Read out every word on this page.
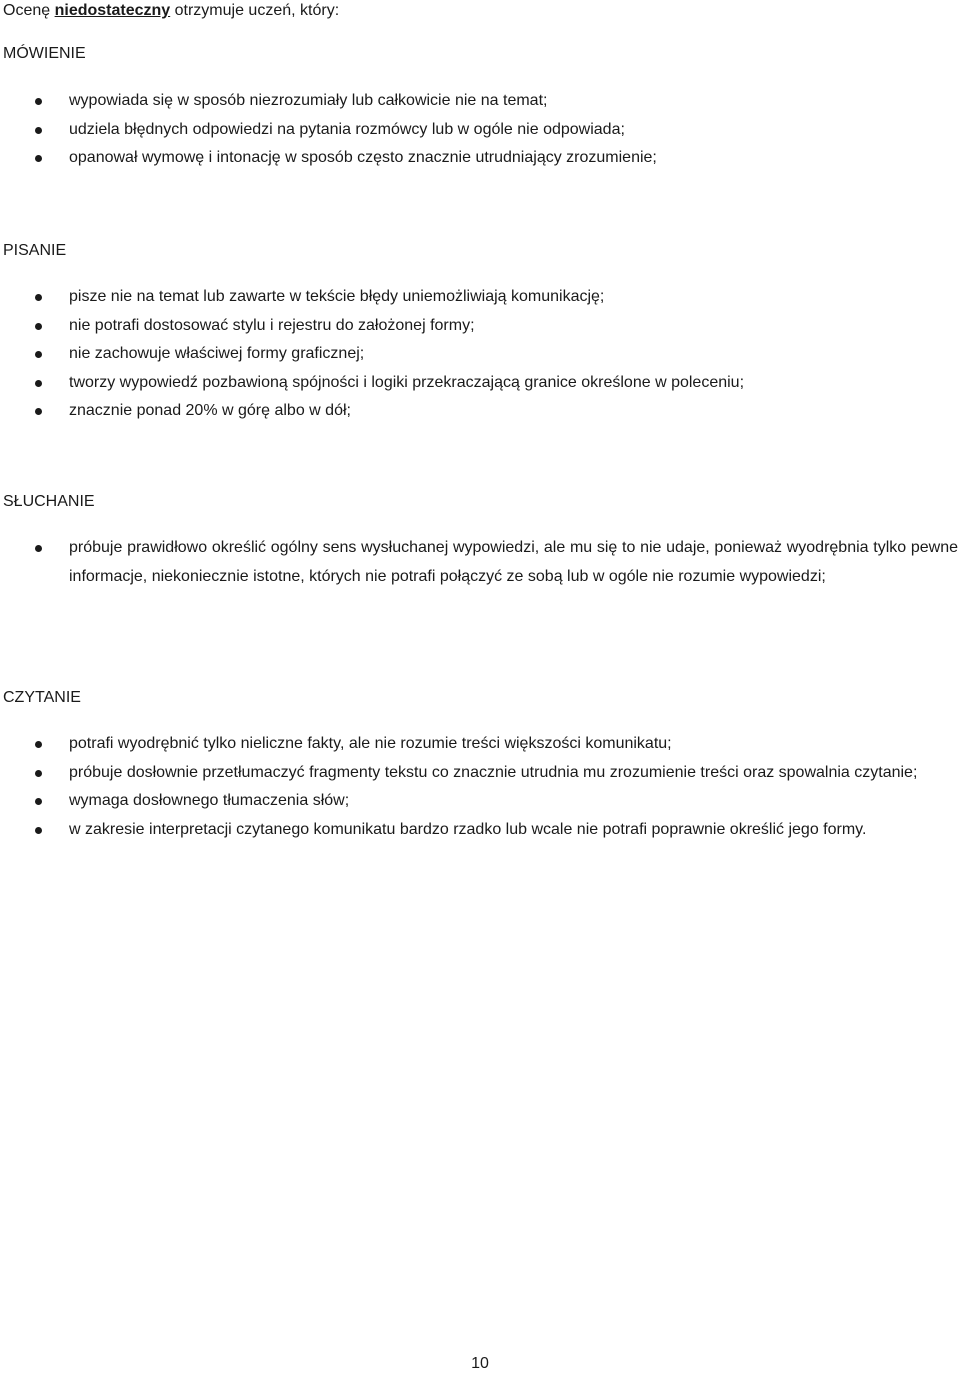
Ocenę niedostateczny otrzymuje uczeń, który:
MÓWIENIE
wypowiada się w sposób niezrozumiały lub całkowicie nie na temat;
udziela błędnych odpowiedzi na pytania rozmówcy lub w ogóle nie odpowiada;
opanował wymowę i intonację w sposób często znacznie utrudniający zrozumienie;
PISANIE
pisze nie na temat lub zawarte w tekście błędy uniemożliwiają komunikację;
nie potrafi dostosować stylu i rejestru do założonej formy;
nie zachowuje właściwej formy graficznej;
tworzy wypowiedź pozbawioną spójności i logiki przekraczającą granice określone w poleceniu;
znacznie ponad 20% w górę albo w dół;
SŁUCHANIE
próbuje prawidłowo określić ogólny sens wysłuchanej wypowiedzi, ale mu się to nie udaje, ponieważ wyodrębnia tylko pewne informacje, niekoniecznie istotne, których nie potrafi połączyć ze sobą lub w ogóle nie rozumie wypowiedzi;
CZYTANIE
potrafi wyodrębnić tylko nieliczne fakty, ale nie rozumie treści większości komunikatu;
próbuje dosłownie przetłumaczyć fragmenty tekstu co znacznie utrudnia mu zrozumienie treści oraz spowalnia czytanie;
wymaga dosłownego tłumaczenia słów;
w zakresie interpretacji czytanego komunikatu bardzo rzadko lub wcale nie potrafi poprawnie określić jego formy.
10
